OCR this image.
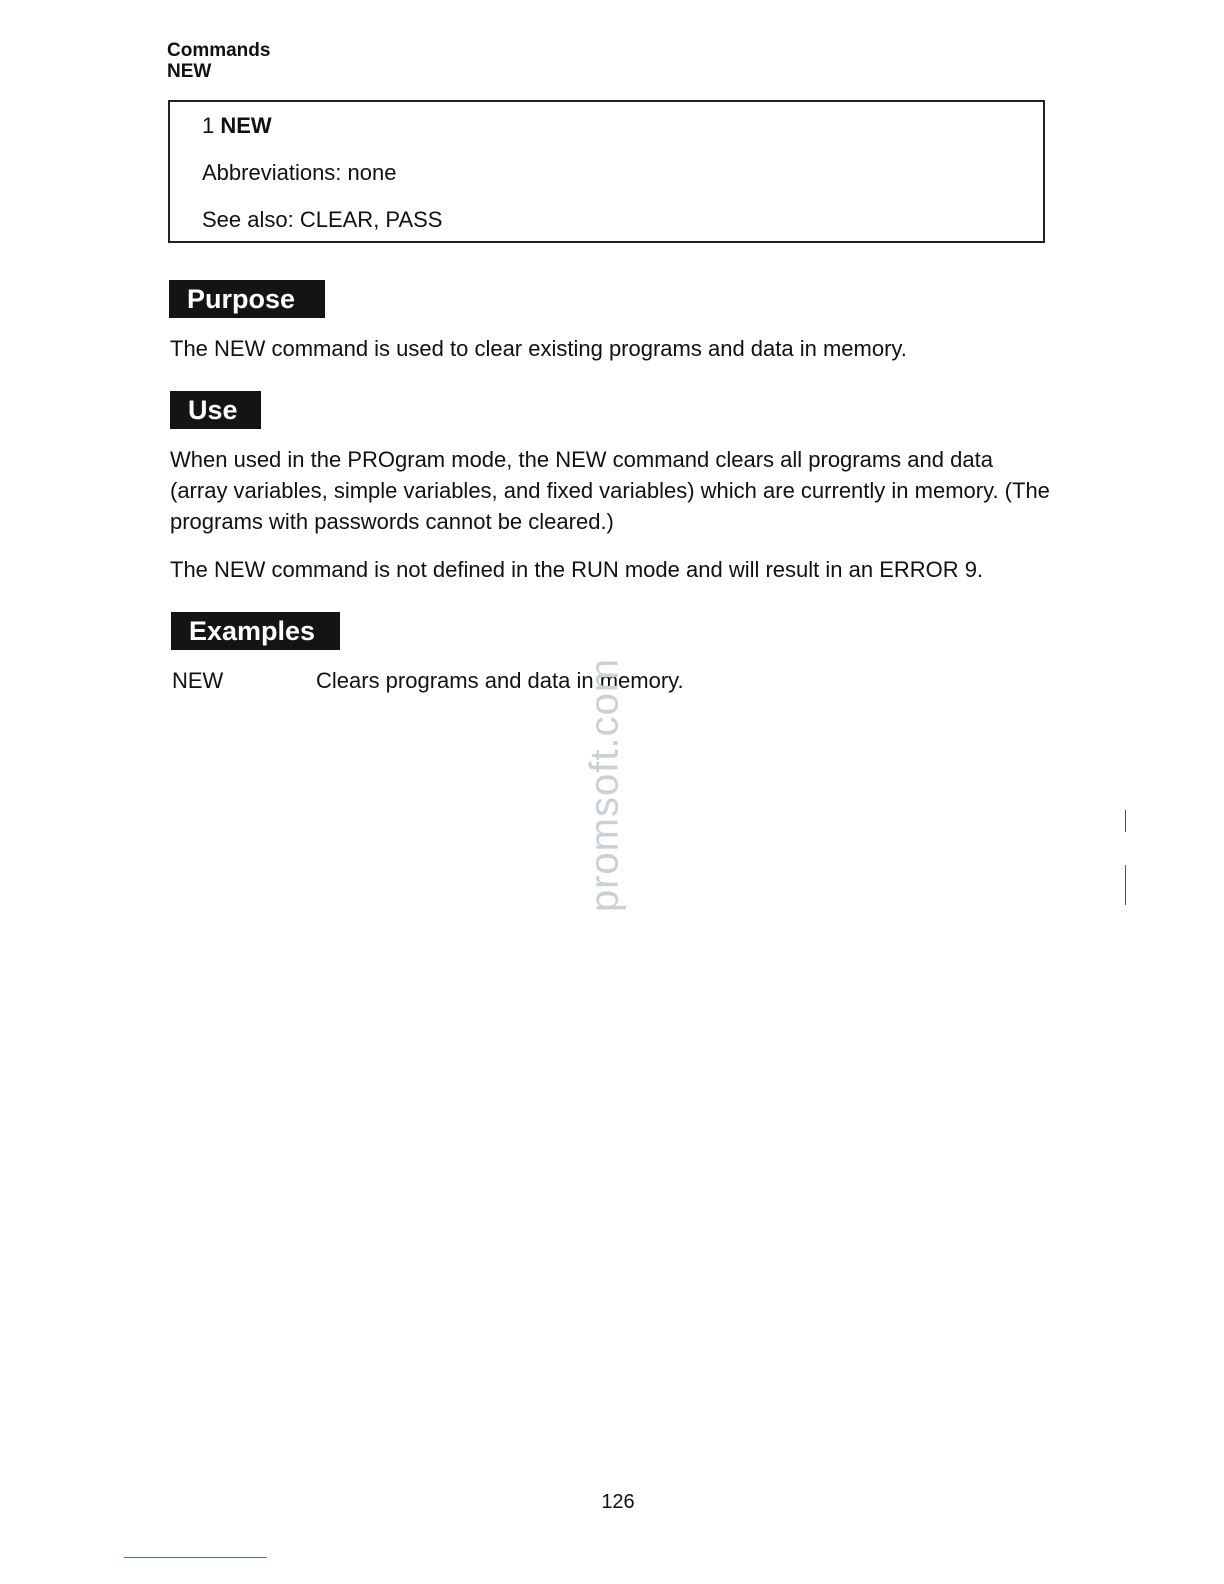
Commands
NEW
1 NEW
Abbreviations: none
See also: CLEAR, PASS
Purpose

The NEW command is used to clear existing programs and data in memory.

Use

When used in the PROgram mode, the NEW command clears all programs and data (array variables, simple variables, and fixed variables) which are currently in memory. (The programs with passwords cannot be cleared.)

The NEW command is not defined in the RUN mode and will result in an ERROR 9.

Examples
NEW	Clears programs and data in memory.
promsoft.com
126
